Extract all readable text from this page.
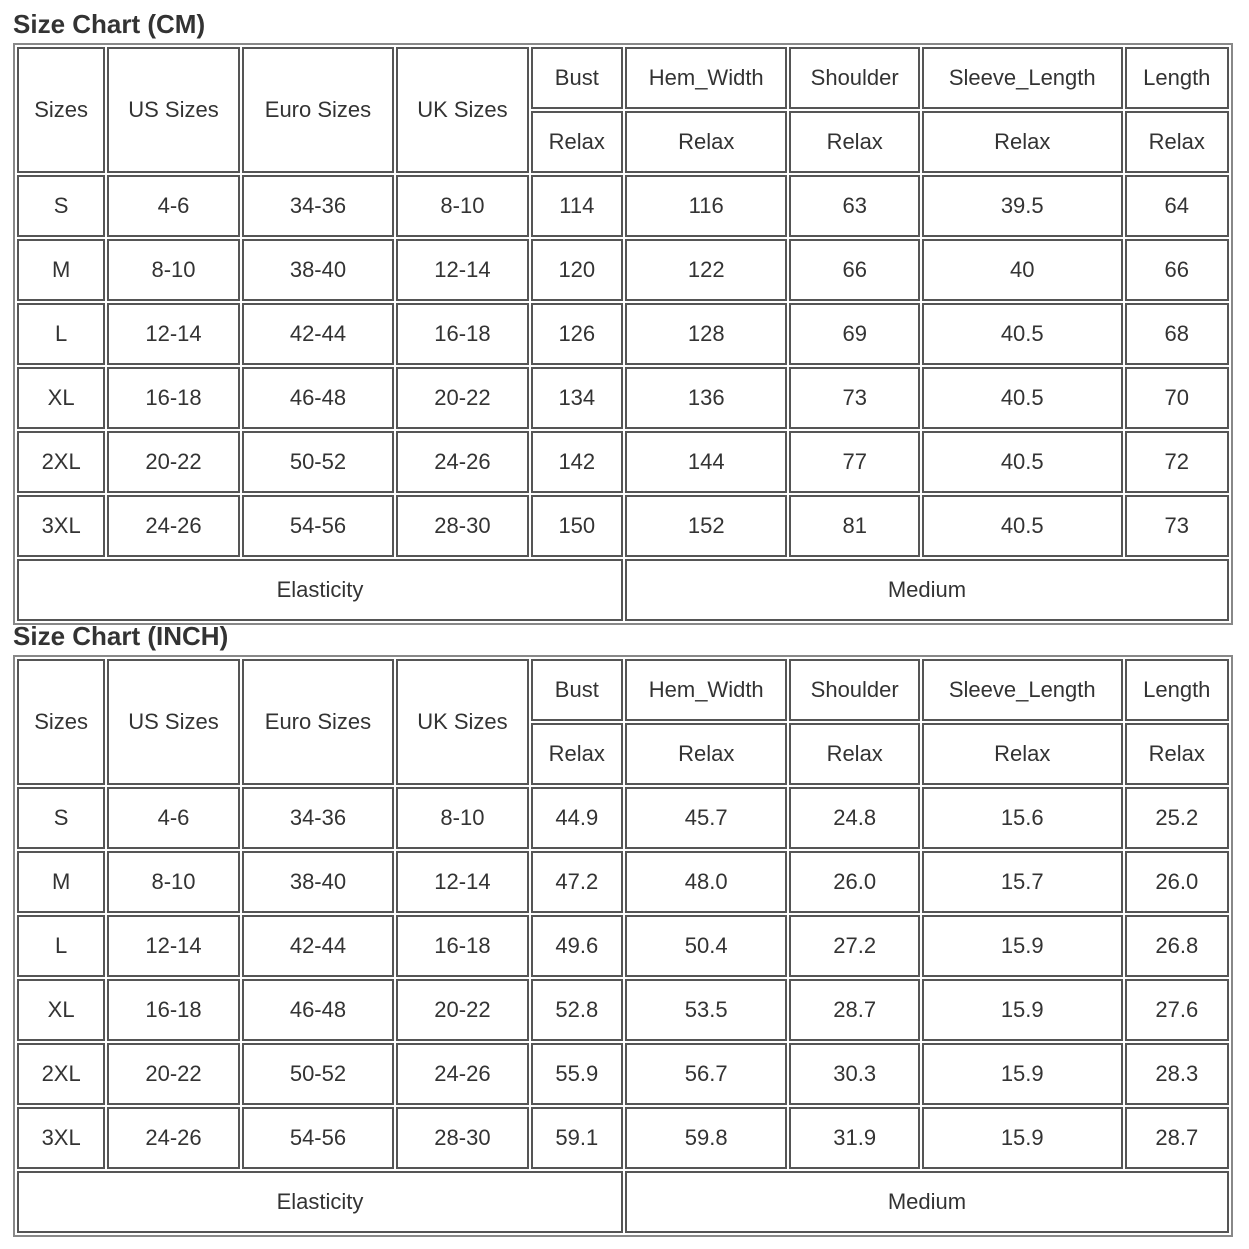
Size Chart (CM)
Sizes	US Sizes	Euro Sizes	UK Sizes	Bust	Hem_Width	Shoulder	Sleeve_Length	Length
				Relax	Relax	Relax	Relax	Relax
S	4-6	34-36	8-10	114	116	63	39.5	64
M	8-10	38-40	12-14	120	122	66	40	66
L	12-14	42-44	16-18	126	128	69	40.5	68
XL	16-18	46-48	20-22	134	136	73	40.5	70
2XL	20-22	50-52	24-26	142	144	77	40.5	72
3XL	24-26	54-56	28-30	150	152	81	40.5	73
Elasticity					Medium			
Size Chart (INCH)
Sizes	US Sizes	Euro Sizes	UK Sizes	Bust	Hem_Width	Shoulder	Sleeve_Length	Length
				Relax	Relax	Relax	Relax	Relax
S	4-6	34-36	8-10	44.9	45.7	24.8	15.6	25.2
M	8-10	38-40	12-14	47.2	48.0	26.0	15.7	26.0
L	12-14	42-44	16-18	49.6	50.4	27.2	15.9	26.8
XL	16-18	46-48	20-22	52.8	53.5	28.7	15.9	27.6
2XL	20-22	50-52	24-26	55.9	56.7	30.3	15.9	28.3
3XL	24-26	54-56	28-30	59.1	59.8	31.9	15.9	28.7
Elasticity					Medium			
